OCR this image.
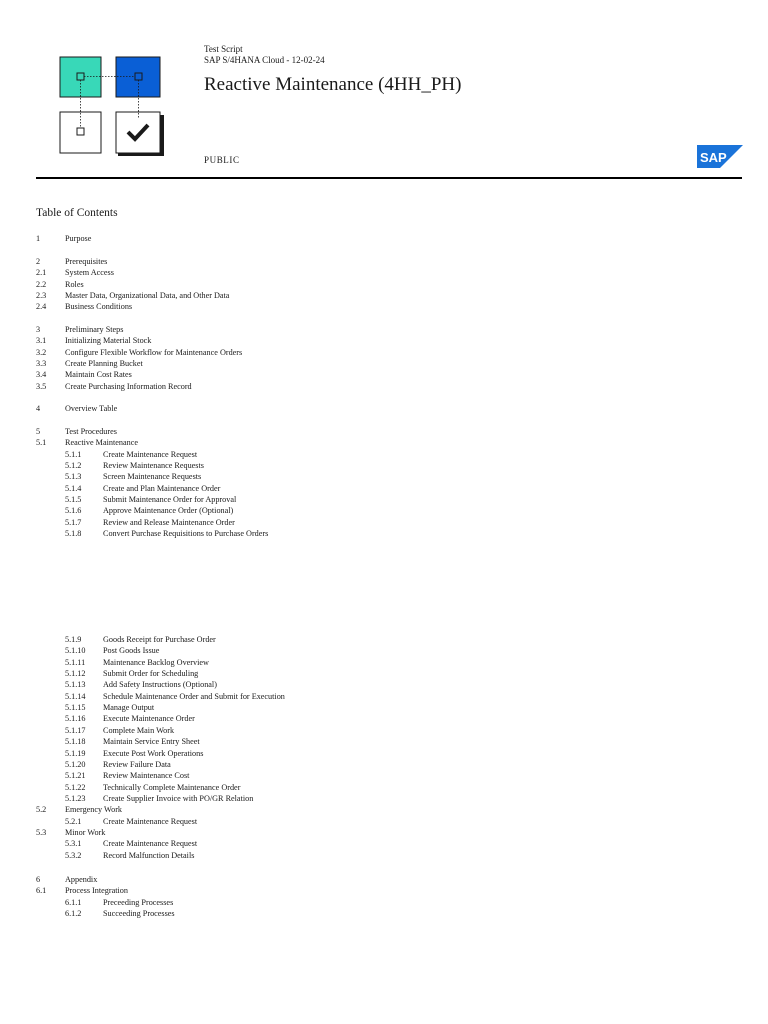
Test Script
SAP S/4HANA Cloud - 12-02-24
Reactive Maintenance (4HH_PH)
PUBLIC	SAP
Table of Contents
1	Purpose
2	Prerequisites
2.1 System Access
2.2 Roles
2.3 Master Data, Organizational Data, and Other Data
2.4 Business Conditions
3	Preliminary Steps
3.1 Initializing Material Stock
3.2 Configure Flexible Workflow for Maintenance Orders
3.3 Create Planning Bucket
3.4 Maintain Cost Rates
3.5 Create Purchasing Information Record
4	Overview Table
5	Test Procedures
5.1 Reactive Maintenance
5.1.1	Create Maintenance Request
5.1.2	Review Maintenance Requests
5.1.3	Screen Maintenance Requests
5.1.4	Create and Plan Maintenance Order
5.1.5	Submit Maintenance Order for Approval
5.1.6	Approve Maintenance Order (Optional)
5.1.7	Review and Release Maintenance Order
5.1.8	Convert Purchase Requisitions to Purchase Orders
5.1.9	Goods Receipt for Purchase Order
5.1.10 Post Goods Issue
5.1.11 Maintenance Backlog Overview
5.1.12 Submit Order for Scheduling
5.1.13 Add Safety Instructions (Optional)
5.1.14 Schedule Maintenance Order and Submit for Execution
5.1.15 Manage Output
5.1.16 Execute Maintenance Order
5.1.17 Complete Main Work
5.1.18 Maintain Service Entry Sheet
5.1.19 Execute Post Work Operations
5.1.20 Review Failure Data
5.1.21 Review Maintenance Cost
5.1.22 Technically Complete Maintenance Order
5.1.23 Create Supplier Invoice with PO/GR Relation
5.2 Emergency Work
5.2.1	Create Maintenance Request
5.3 Minor Work
5.3.1	Create Maintenance Request
5.3.2	Record Malfunction Details
6	Appendix
6.1 Process Integration
6.1.1	Preceeding Processes
6.1.2	Succeeding Processes
